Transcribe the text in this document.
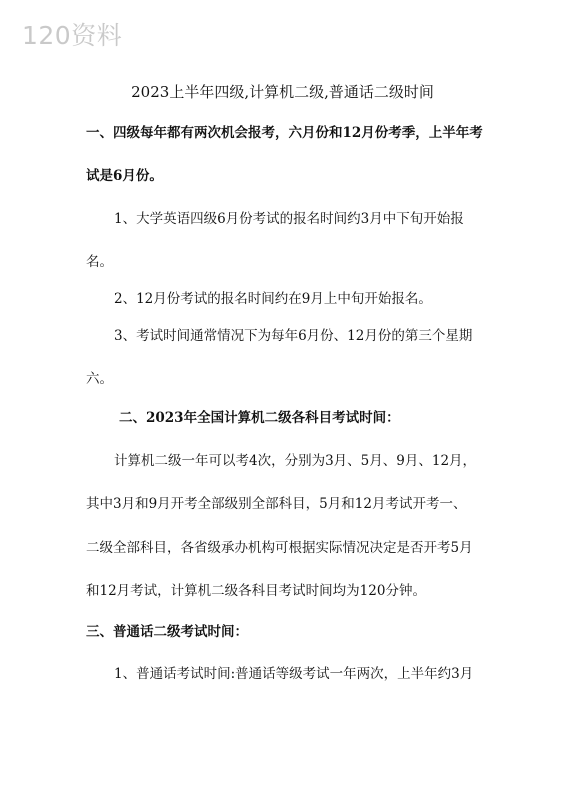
120资料
2023上半年四级,计算机二级,普通话二级时间
一、四级每年都有两次机会报考，六月份和12月份考季，上半年考
试是6月份。
1、大学英语四级6月份考试的报名时间约3月中下旬开始报
名。
2、12月份考试的报名时间约在9月上中旬开始报名。
3、考试时间通常情况下为每年6月份、12月份的第三个星期
六。
二、2023年全国计算机二级各科目考试时间：
计算机二级一年可以考4次，分别为3月、5月、9月、12月，
其中3月和9月开考全部级别全部科目，5月和12月考试开考一、
二级全部科目，各省级承办机构可根据实际情况决定是否开考5月
和12月考试，计算机二级各科目考试时间均为120分钟。
三、普通话二级考试时间：
1、普通话考试时间:普通话等级考试一年两次，上半年约3月
